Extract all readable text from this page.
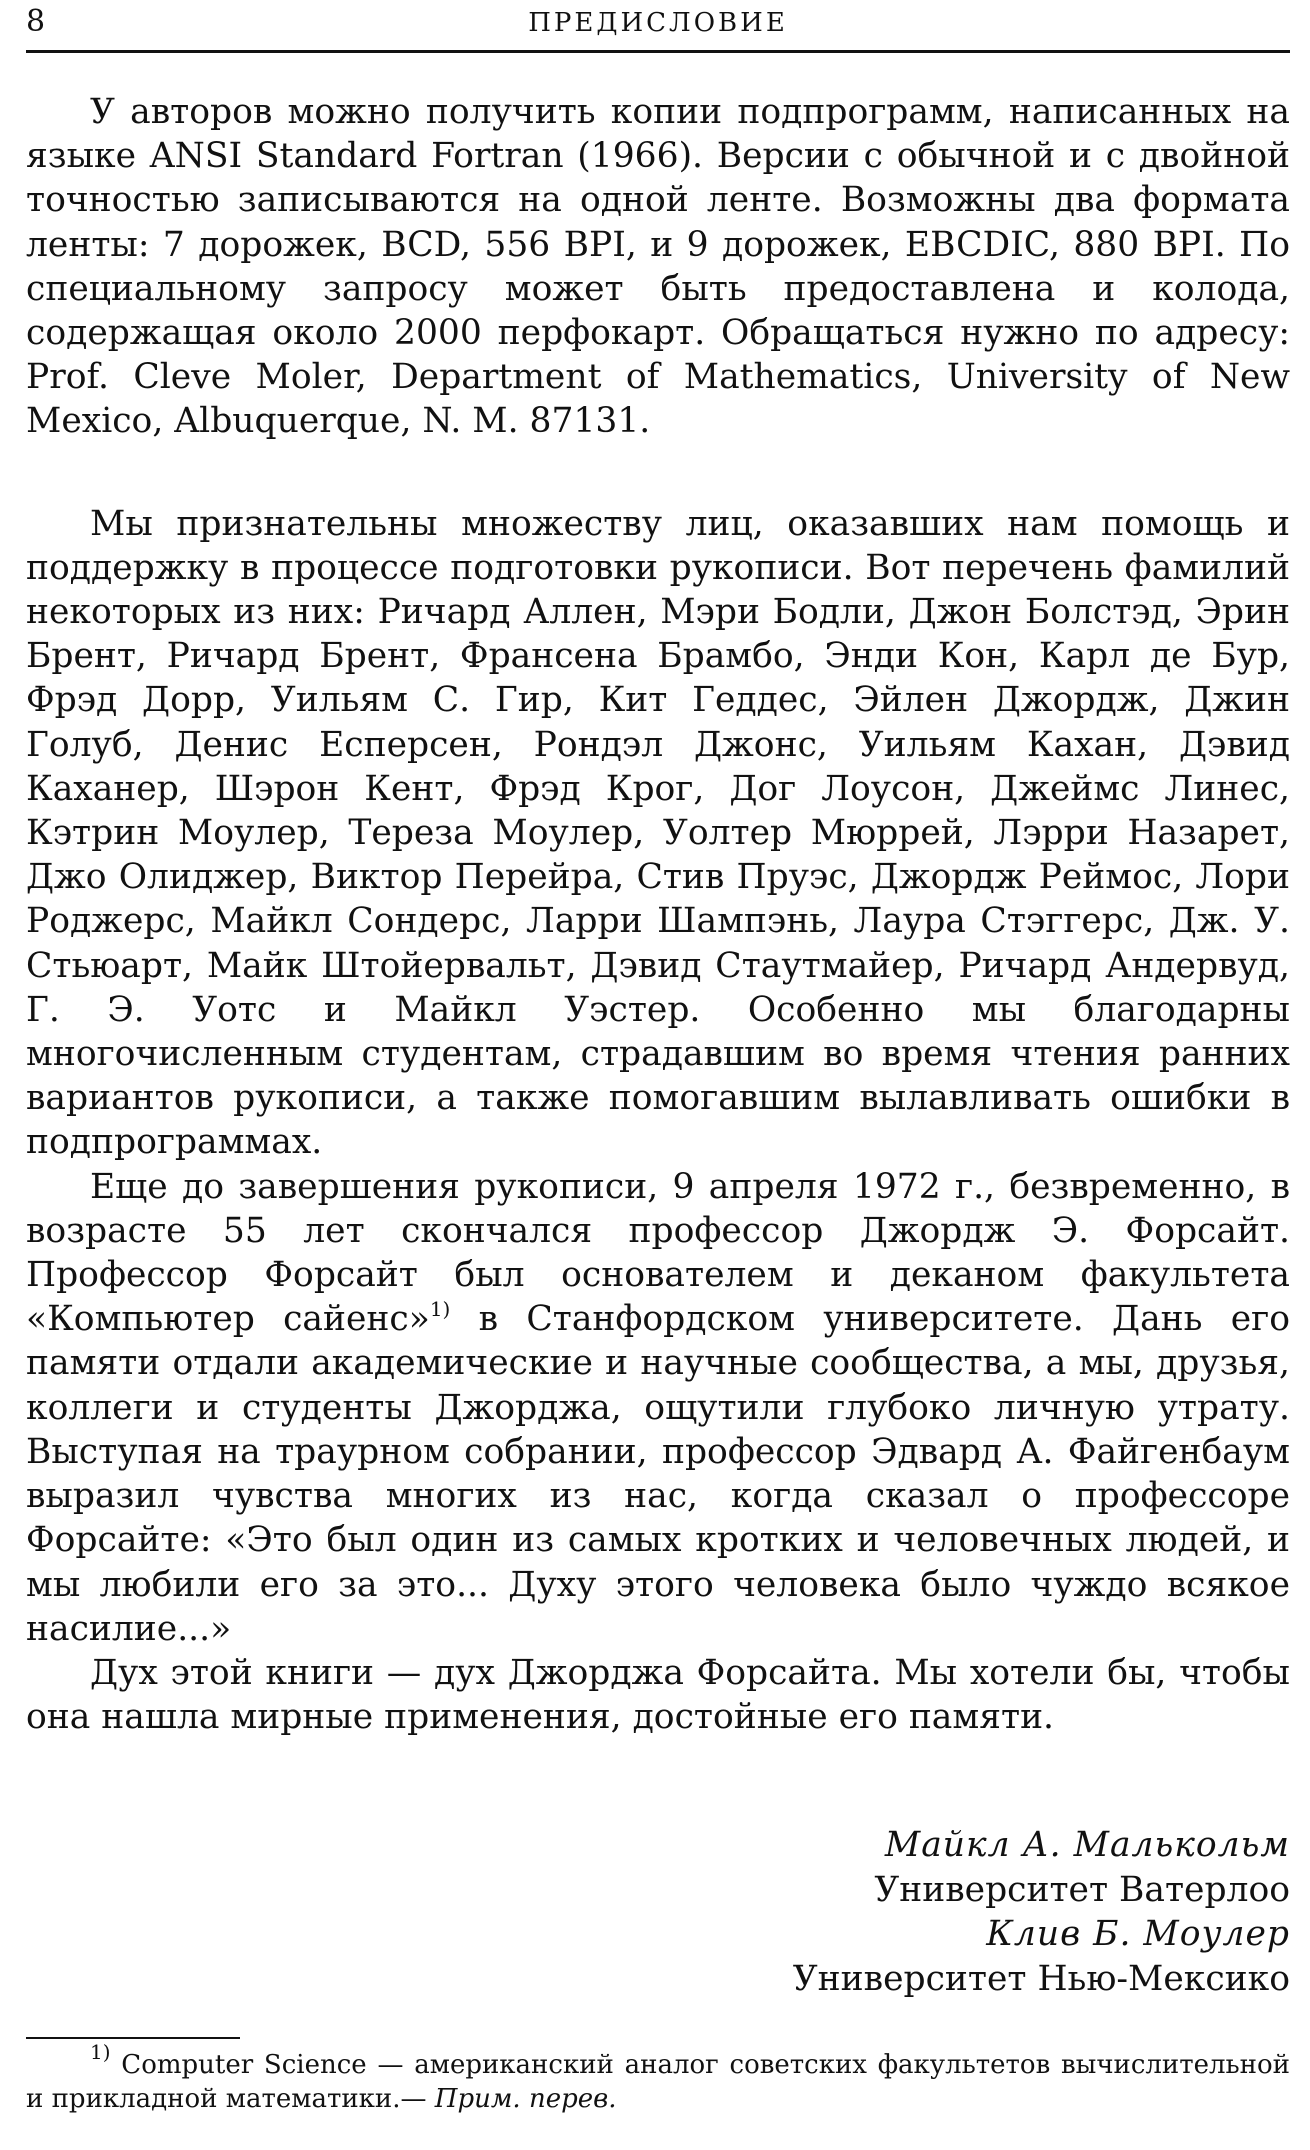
8	ПРЕДИСЛОВИЕ

У авторов можно получить копии подпрограмм, написанных на языке ANSI Standard Fortran (1966). Версии с обычной и с двойной точностью записываются на одной ленте. Возможны два формата ленты: 7 дорожек, BCD, 556 BPI, и 9 дорожек, EBCDIC, 880 BPI. По специальному запросу может быть предоставлена и колода, содержащая около 2000 перфокарт. Обращаться нужно по адресу: Prof. Cleve Moler, Department of Mathematics, University of New Mexico, Albuquerque, N. M. 87131.

Мы признательны множеству лиц, оказавших нам помощь и поддержку в процессе подготовки рукописи. Вот перечень фамилий некоторых из них: Ричард Аллен, Мэри Бодли, Джон Болстэд, Эрин Брент, Ричард Брент, Франсена Брамбо, Энди Кон, Карл де Бур, Фрэд Дорр, Уильям С. Гир, Кит Геддес, Эйлен Джордж, Джин Голуб, Денис Есперсен, Рондэл Джонс, Уильям Кахан, Дэвид Каханер, Шэрон Кент, Фрэд Крог, Дог Лоусон, Джеймс Линес, Кэтрин Моулер, Тереза Моулер, Уолтер Мюррей, Лэрри Назарет, Джо Олиджер, Виктор Перейра, Стив Пруэс, Джордж Реймос, Лори Роджерс, Майкл Сондерс, Ларри Шампэнь, Лаура Стэггерс, Дж. У. Стьюарт, Майк Штойервальт, Дэвид Стаутмайер, Ричард Андервуд, Г. Э. Уотс и Майкл Уэстер. Особенно мы благодарны многочисленным студентам, страдавшим во время чтения ранних вариантов рукописи, а также помогавшим вылавливать ошибки в подпрограммах.

Еще до завершения рукописи, 9 апреля 1972 г., безвременно, в возрасте 55 лет скончался профессор Джордж Э. Форсайт. Профессор Форсайт был основателем и деканом факультета «Компьютер сайенс»$^{1)}$ в Станфордском университете. Дань его памяти отдали академические и научные сообщества, а мы, друзья, коллеги и студенты Джорджа, ощутили глубоко личную утрату. Выступая на траурном собрании, профессор Эдвард А. Файгенбаум выразил чувства многих из нас, когда сказал о профессоре Форсайте: «Это был один из самых кротких и человечных людей, и мы любили его за это... Духу этого человека было чуждо всякое насилие...»

Дух этой книги — дух Джорджа Форсайта. Мы хотели бы, чтобы она нашла мирные применения, достойные его памяти.

Майкл А. Малькольм
Университет Ватерлоо
Клив Б. Моулер
Университет Нью-Мексико
$^{1)}$ Computer Science — американский аналог советских факультетов вычислительной и прикладной математики.— Прим. перев.
